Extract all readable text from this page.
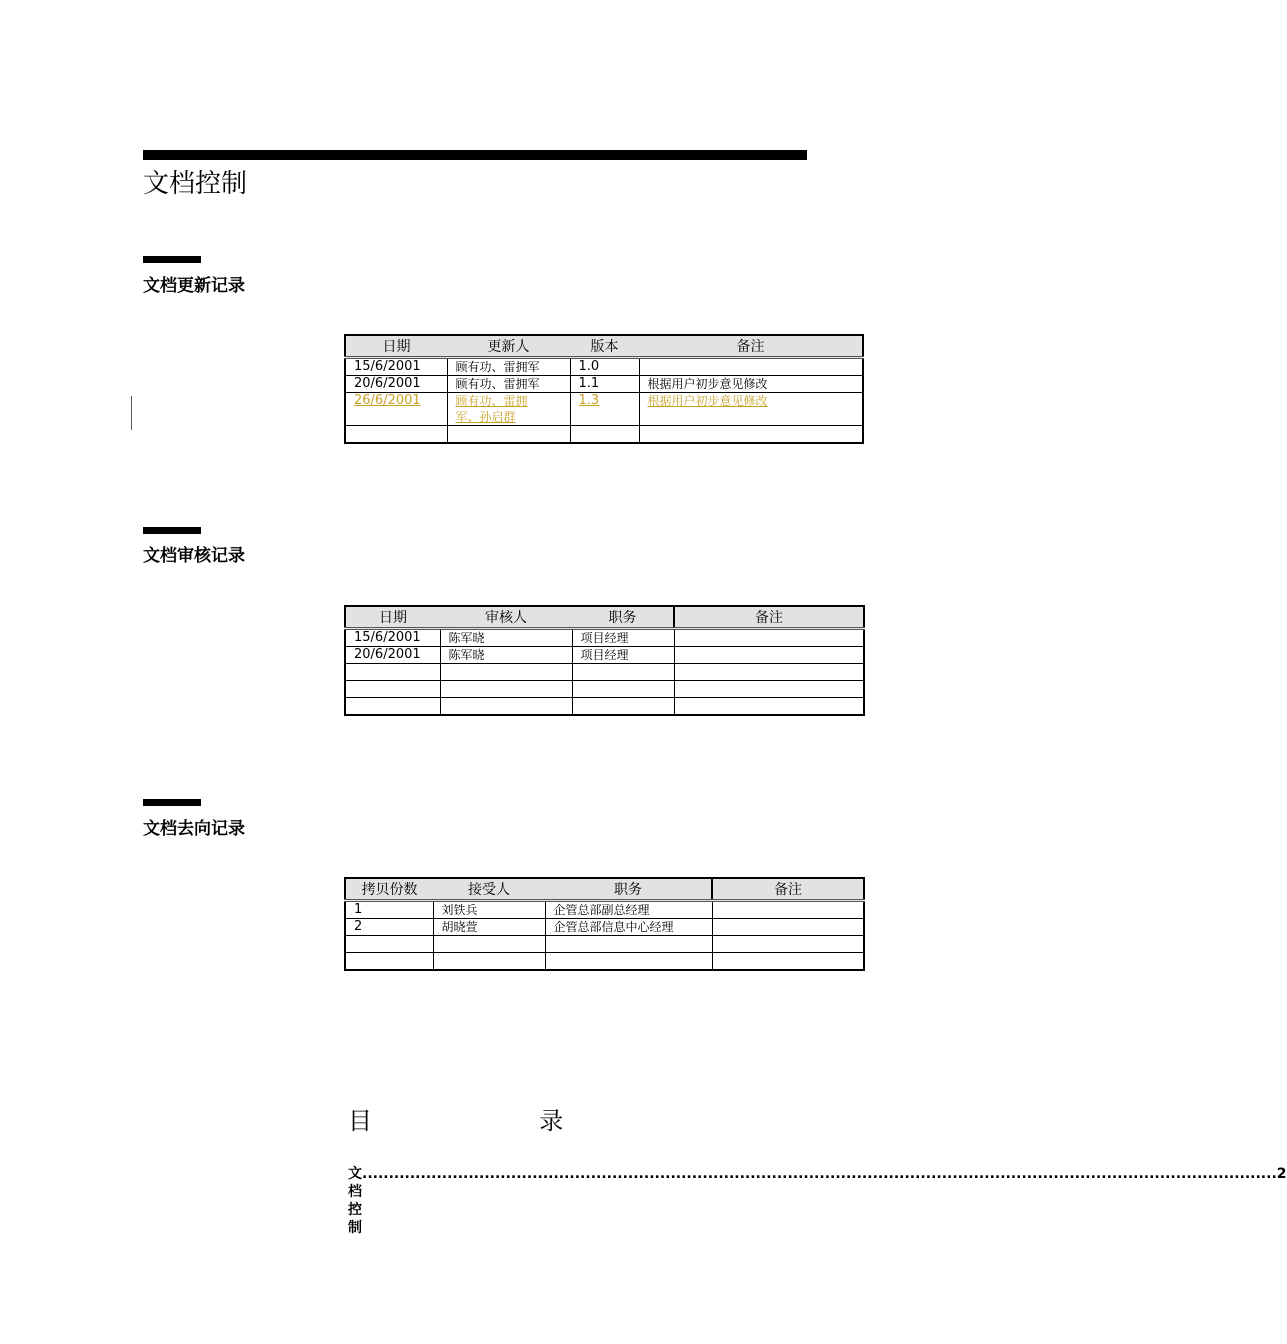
文档控制
文档更新记录
日期	更新人	版本	备注
15/6/2001	顾有功、雷拥军	1.0	
20/6/2001	顾有功、雷拥军	1.1	根据用户初步意见修改
26/6/2001	顾有功、雷拥军、孙启群	1.3	根据用户初步意见修改

文档审核记录
日期	审核人	职务	备注
15/6/2001	陈军晓	项目经理	
20/6/2001	陈军晓	项目经理	

文档去向记录
拷贝份数	接受人	职务	备注
1	刘铁兵	企管总部副总经理	
2	胡晓萱	企管总部信息中心经理	

目	录
文档控制
............................................................................................................................................................................ 2
